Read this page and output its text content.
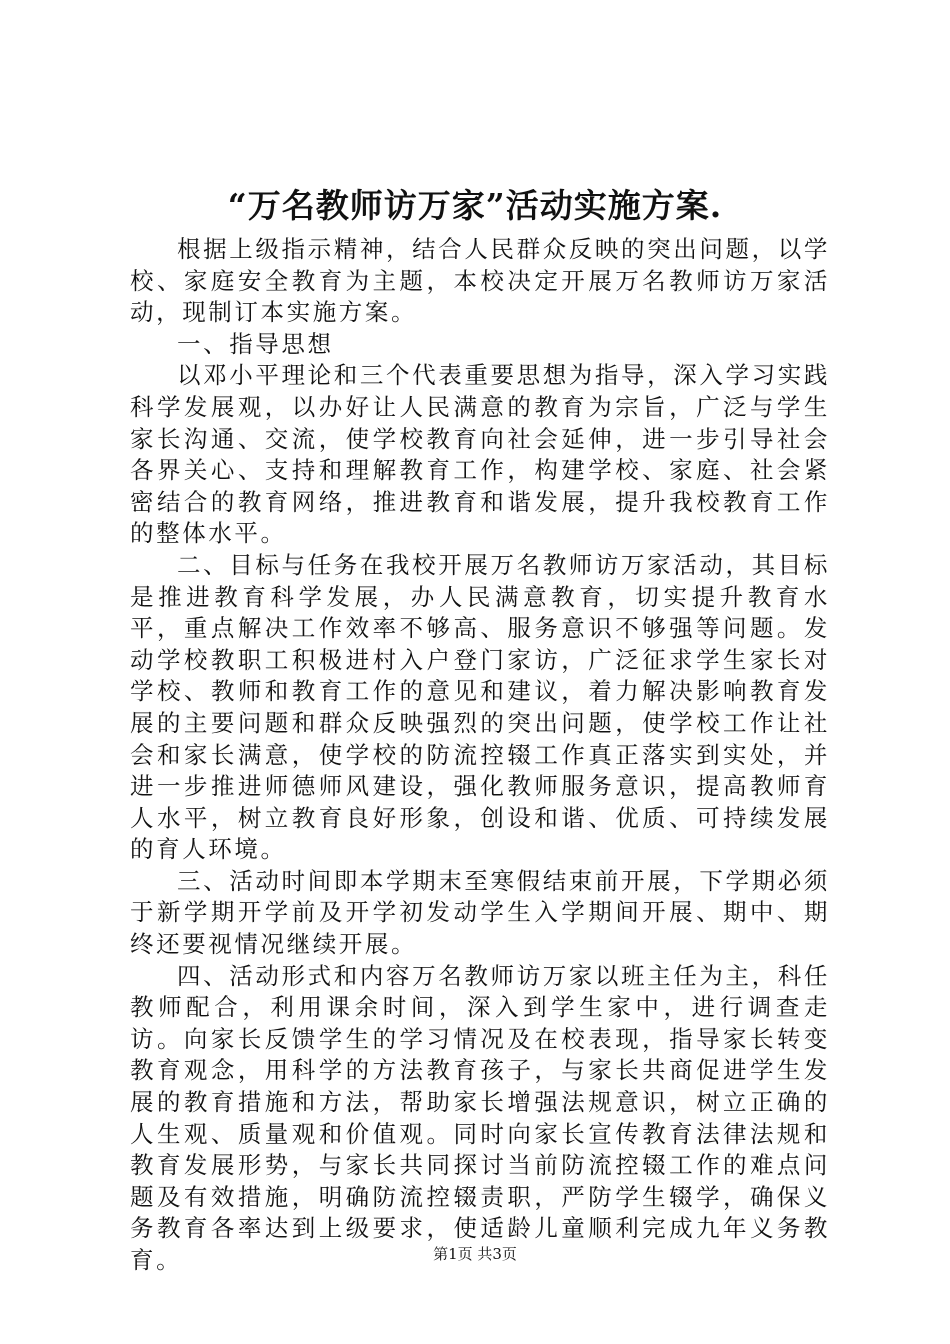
“万名教师访万家”活动实施方案.

根据上级指示精神，结合人民群众反映的突出问题，以学校、家庭安全教育为主题，本校决定开展万名教师访万家活动，现制订本实施方案。

一、指导思想

以邓小平理论和三个代表重要思想为指导，深入学习实践科学发展观，以办好让人民满意的教育为宗旨，广泛与学生家长沟通、交流，使学校教育向社会延伸，进一步引导社会各界关心、支持和理解教育工作，构建学校、家庭、社会紧密结合的教育网络，推进教育和谐发展，提升我校教育工作的整体水平。

二、目标与任务在我校开展万名教师访万家活动，其目标是推进教育科学发展，办人民满意教育，切实提升教育水平，重点解决工作效率不够高、服务意识不够强等问题。发动学校教职工积极进村入户登门家访，广泛征求学生家长对学校、教师和教育工作的意见和建议，着力解决影响教育发展的主要问题和群众反映强烈的突出问题，使学校工作让社会和家长满意，使学校的防流控辍工作真正落实到实处，并进一步推进师德师风建设，强化教师服务意识，提高教师育人水平，树立教育良好形象，创设和谐、优质、可持续发展的育人环境。

三、活动时间即本学期末至寒假结束前开展，下学期必须于新学期开学前及开学初发动学生入学期间开展、期中、期终还要视情况继续开展。

四、活动形式和内容万名教师访万家以班主任为主，科任教师配合，利用课余时间，深入到学生家中，进行调查走访。向家长反馈学生的学习情况及在校表现，指导家长转变教育观念，用科学的方法教育孩子，与家长共商促进学生发展的教育措施和方法，帮助家长增强法规意识，树立正确的人生观、质量观和价值观。同时向家长宣传教育法律法规和教育发展形势，与家长共同探讨当前防流控辍工作的难点问题及有效措施，明确防流控辍责职，严防学生辍学，确保义务教育各率达到上级要求，使适龄儿童顺利完成九年义务教育。	第1页 共3页
